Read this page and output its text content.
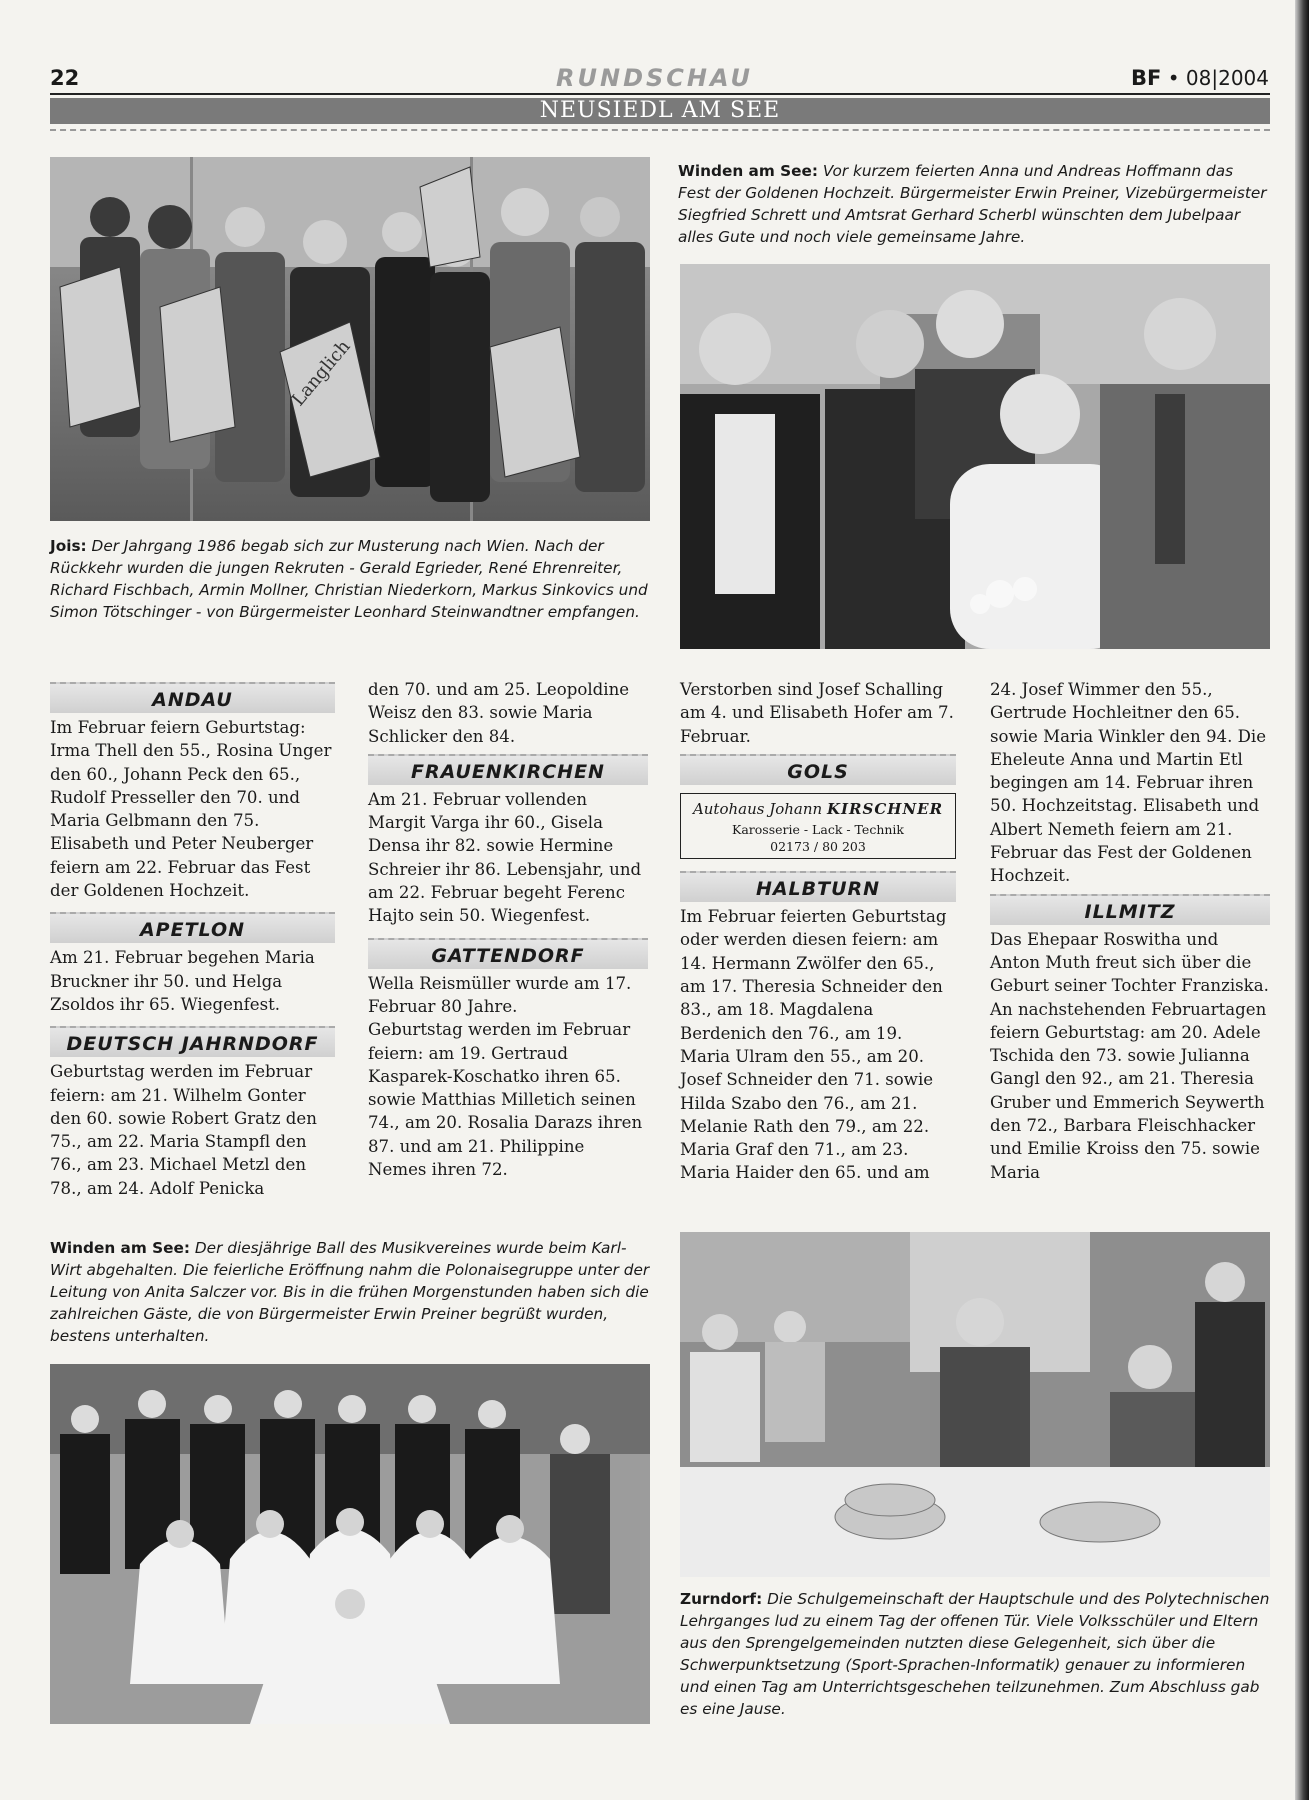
22	RUNDSCHAU	BF • 08|2004
NEUSIEDL AM SEE
Langlich
Winden am See: Vor kurzem feierten Anna und Andreas Hoffmann das Fest der Goldenen Hochzeit. Bürgermeister Erwin Preiner, Vizebürgermeister Siegfried Schrett und Amtsrat Gerhard Scherbl wünschten dem Jubelpaar alles Gute und noch viele gemeinsame Jahre.
Jois: Der Jahrgang 1986 begab sich zur Musterung nach Wien. Nach der Rückkehr wurden die jungen Rekruten - Gerald Egrieder, René Ehrenreiter, Richard Fischbach, Armin Mollner, Christian Niederkorn, Markus Sinkovics und Simon Tötschinger - von Bürgermeister Leonhard Steinwandtner empfangen.
ANDAU

Im Februar feiern Geburtstag: Irma Thell den 55., Rosina Unger den 60., Johann Peck den 65., Rudolf Presseller den 70. und Maria Gelbmann den 75. Elisabeth und Peter Neuberger feiern am 22. Februar das Fest der Goldenen Hochzeit.

APETLON

Am 21. Februar begehen Maria Bruckner ihr 50. und Helga Zsoldos ihr 65. Wiegenfest.

DEUTSCH JAHRNDORF

Geburtstag werden im Februar feiern: am 21. Wilhelm Gonter den 60. sowie Robert Gratz den 75., am 22. Maria Stampfl den 76., am 23. Michael Metzl den 78., am 24. Adolf Penicka

den 70. und am 25. Leopoldine Weisz den 83. sowie Maria Schlicker den 84.

FRAUENKIRCHEN

Am 21. Februar vollenden Margit Varga ihr 60., Gisela Densa ihr 82. sowie Hermine Schreier ihr 86. Lebensjahr, und am 22. Februar begeht Ferenc Hajto sein 50. Wiegenfest.

GATTENDORF

Wella Reismüller wurde am 17. Februar 80 Jahre.

Geburtstag werden im Februar feiern: am 19. Gertraud Kasparek-Koschatko ihren 65. sowie Matthias Milletich seinen 74., am 20. Rosalia Darazs ihren 87. und am 21. Philippine Nemes ihren 72.

Verstorben sind Josef Schalling am 4. und Elisabeth Hofer am 7. Februar.

GOLS
Autohaus Johann KIRSCHNER
Karosserie - Lack - Technik
02173 / 80 203
HALBTURN

Im Februar feierten Geburtstag oder werden diesen feiern: am 14. Hermann Zwölfer den 65., am 17. Theresia Schneider den 83., am 18. Magdalena Berdenich den 76., am 19. Maria Ulram den 55., am 20. Josef Schneider den 71. sowie Hilda Szabo den 76., am 21. Melanie Rath den 79., am 22. Maria Graf den 71., am 23. Maria Haider den 65. und am

24. Josef Wimmer den 55., Gertrude Hochleitner den 65. sowie Maria Winkler den 94. Die Eheleute Anna und Martin Etl begingen am 14. Februar ihren 50. Hochzeitstag. Elisabeth und Albert Nemeth feiern am 21. Februar das Fest der Goldenen Hochzeit.

ILLMITZ

Das Ehepaar Roswitha und Anton Muth freut sich über die Geburt seiner Tochter Franziska.

An nachstehenden Februartagen feiern Geburtstag: am 20. Adele Tschida den 73. sowie Julianna Gangl den 92., am 21. Theresia Gruber und Emmerich Seywerth den 72., Barbara Fleischhacker und Emilie Kroiss den 75. sowie Maria

Winden am See: Der diesjährige Ball des Musikvereines wurde beim Karl-Wirt abgehalten. Die feierliche Eröffnung nahm die Polonaisegruppe unter der Leitung von Anita Salczer vor. Bis in die frühen Morgenstunden haben sich die zahlreichen Gäste, die von Bürgermeister Erwin Preiner begrüßt wurden, bestens unterhalten.
Zurndorf: Die Schulgemeinschaft der Hauptschule und des Polytechnischen Lehrganges lud zu einem Tag der offenen Tür. Viele Volksschüler und Eltern aus den Sprengelgemeinden nutzten diese Gelegenheit, sich über die Schwerpunktsetzung (Sport-Sprachen-Informatik) genauer zu informieren und einen Tag am Unterrichtsgeschehen teilzunehmen. Zum Abschluss gab es eine Jause.
